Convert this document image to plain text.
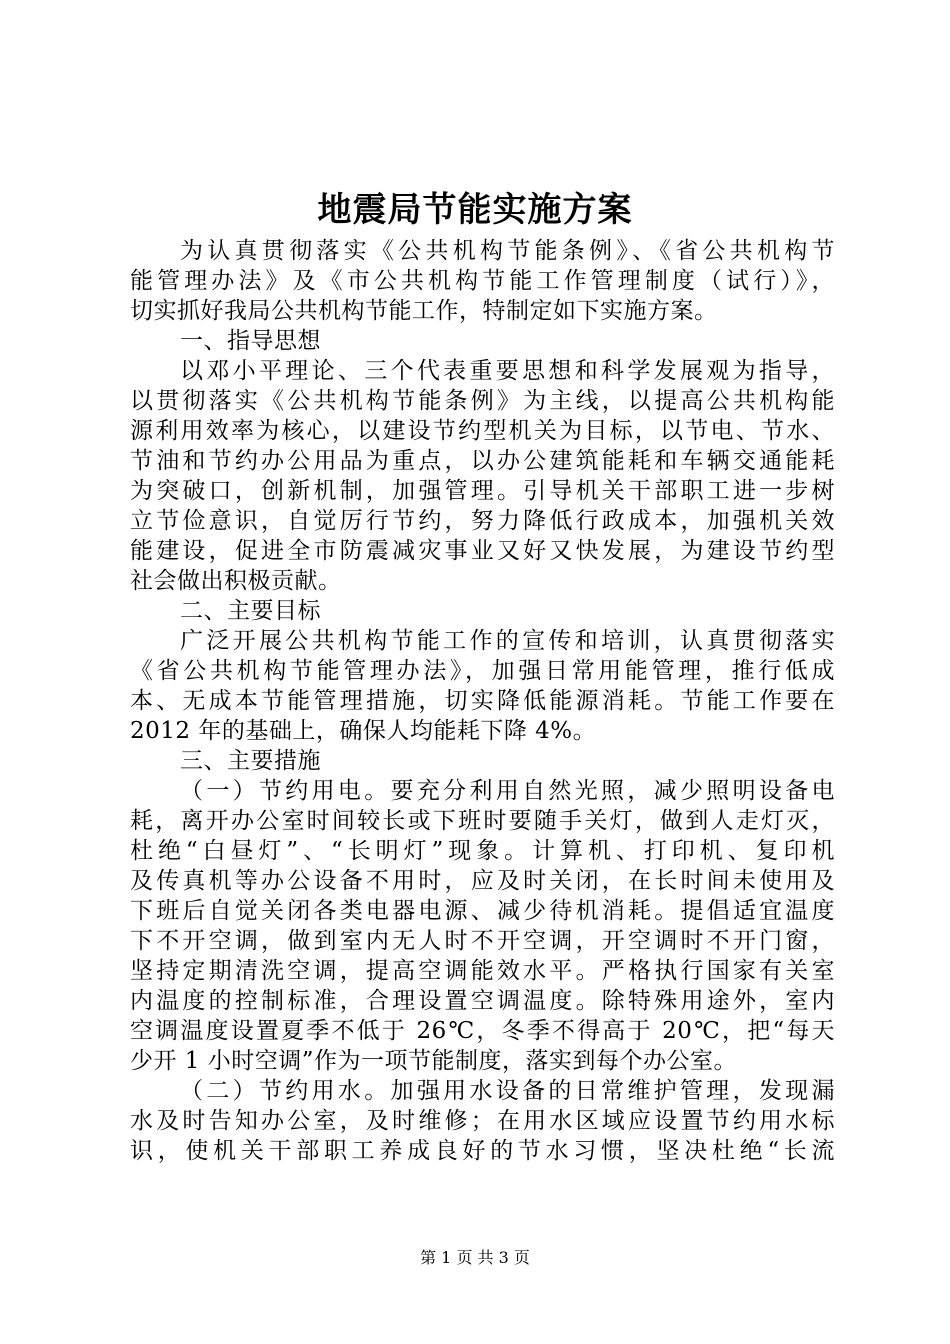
地震局节能实施方案
为认真贯彻落实《公共机构节能条例》、《省公共机构节
能管理办法》及《市公共机构节能工作管理制度（试行）》，
切实抓好我局公共机构节能工作，特制定如下实施方案。
一、指导思想
以邓小平理论、三个代表重要思想和科学发展观为指导，
以贯彻落实《公共机构节能条例》为主线，以提高公共机构能
源利用效率为核心，以建设节约型机关为目标，以节电、节水、
节油和节约办公用品为重点，以办公建筑能耗和车辆交通能耗
为突破口，创新机制，加强管理。引导机关干部职工进一步树
立节俭意识，自觉厉行节约，努力降低行政成本，加强机关效
能建设，促进全市防震减灾事业又好又快发展，为建设节约型
社会做出积极贡献。
二、主要目标
广泛开展公共机构节能工作的宣传和培训，认真贯彻落实
《省公共机构节能管理办法》，加强日常用能管理，推行低成
本、无成本节能管理措施，切实降低能源消耗。节能工作要在
2012 年的基础上，确保人均能耗下降 4%。
三、主要措施
（一）节约用电。要充分利用自然光照，减少照明设备电
耗，离开办公室时间较长或下班时要随手关灯，做到人走灯灭，
杜绝“白昼灯”、“长明灯”现象。计算机、打印机、复印机
及传真机等办公设备不用时，应及时关闭，在长时间未使用及
下班后自觉关闭各类电器电源、减少待机消耗。提倡适宜温度
下不开空调，做到室内无人时不开空调，开空调时不开门窗，
坚持定期清洗空调，提高空调能效水平。严格执行国家有关室
内温度的控制标准，合理设置空调温度。除特殊用途外，室内
空调温度设置夏季不低于 26℃，冬季不得高于 20℃，把“每天
少开 1 小时空调”作为一项节能制度，落实到每个办公室。
（二）节约用水。加强用水设备的日常维护管理，发现漏
水及时告知办公室，及时维修；在用水区域应设置节约用水标
识，使机关干部职工养成良好的节水习惯，坚决杜绝“长流
第 1 页 共 3 页
